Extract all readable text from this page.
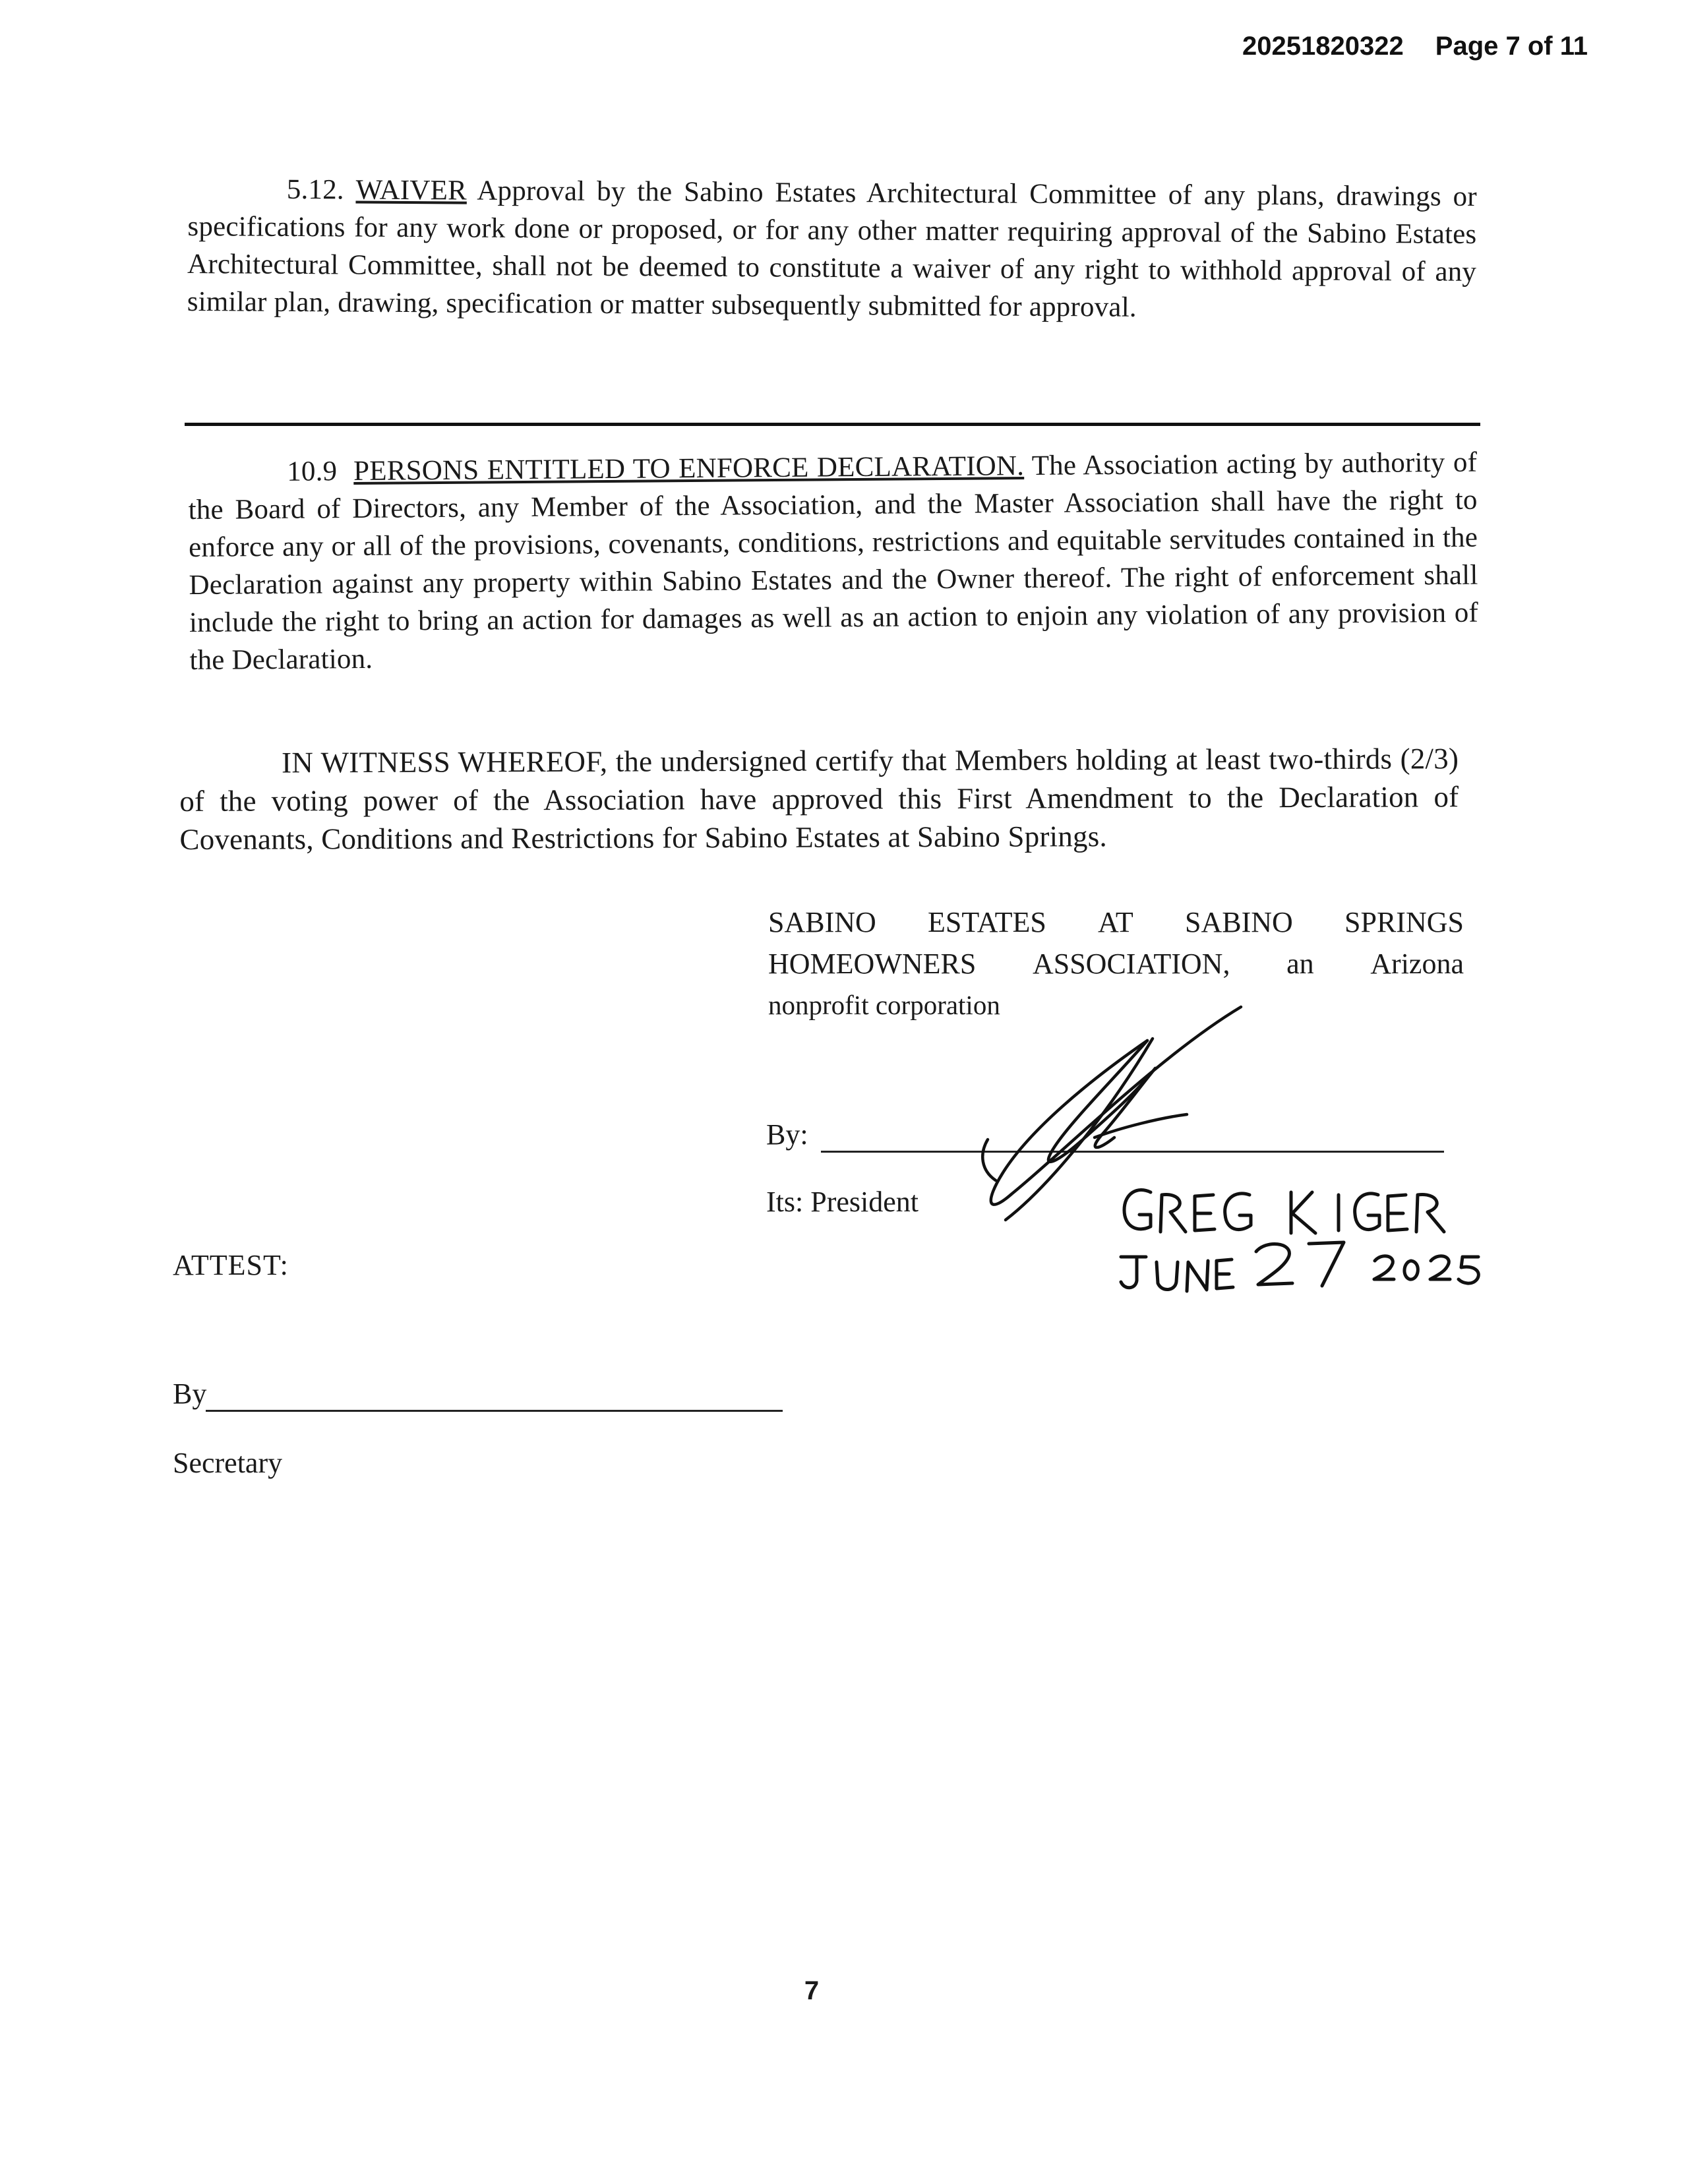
20251820322 Page 7 of 11
5.12. WAIVER Approval by the Sabino Estates Architectural Committee of any plans, drawings or specifications for any work done or proposed, or for any other matter requiring approval of the Sabino Estates Architectural Committee, shall not be deemed to constitute a waiver of any right to withhold approval of any similar plan, drawing, specification or matter subsequently submitted for approval.
10.9 PERSONS ENTITLED TO ENFORCE DECLARATION. The Association acting by authority of the Board of Directors, any Member of the Association, and the Master Association shall have the right to enforce any or all of the provisions, covenants, conditions, restrictions and equitable servitudes contained in the Declaration against any property within Sabino Estates and the Owner thereof. The right of enforcement shall include the right to bring an action for damages as well as an action to enjoin any violation of any provision of the Declaration.
IN WITNESS WHEREOF, the undersigned certify that Members holding at least two-thirds (2/3) of the voting power of the Association have approved this First Amendment to the Declaration of Covenants, Conditions and Restrictions for Sabino Estates at Sabino Springs.
SABINO ESTATES AT SABINO SPRINGS
HOMEOWNERS ASSOCIATION, an Arizona
nonprofit corporation
By:
Its: President
ATTEST:
By
Secretary
7
